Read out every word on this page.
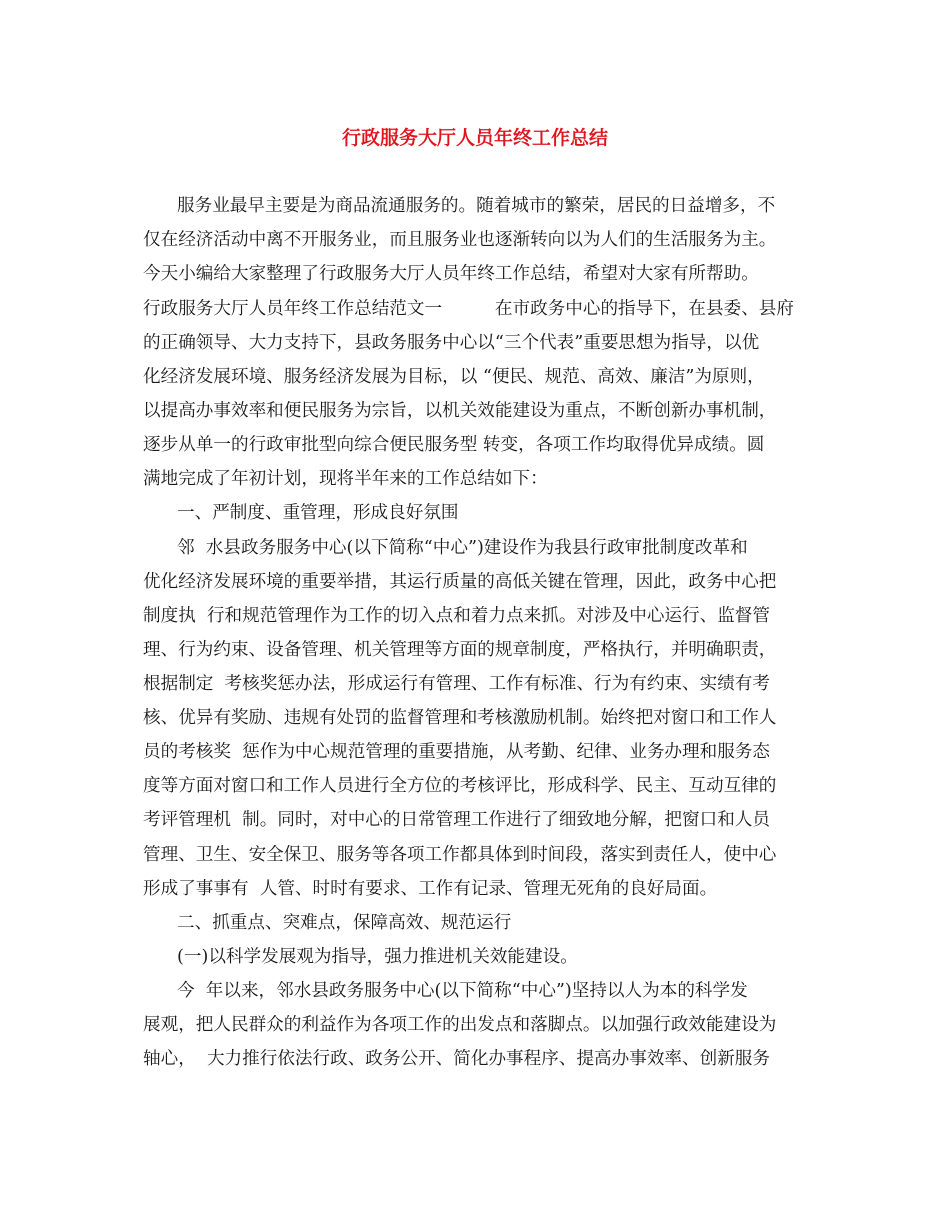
行政服务大厅人员年终工作总结
服务业最早主要是为商品流通服务的。随着城市的繁荣，居民的日益增多，不
仅在经济活动中离不开服务业，而且服务业也逐渐转向以为人们的生活服务为主。
今天小编给大家整理了行政服务大厅人员年终工作总结，希望对大家有所帮助。
行政服务大厅人员年终工作总结范文一　　　在市政务中心的指导下，在县委、县府
的正确领导、大力支持下，县政务服务中心以“三个代表”重要思想为指导，以优
化经济发展环境、服务经济发展为目标，以 “便民、规范、高效、廉洁”为原则，
以提高办事效率和便民服务为宗旨，以机关效能建设为重点，不断创新办事机制，
逐步从单一的行政审批型向综合便民服务型 转变，各项工作均取得优异成绩。圆
满地完成了年初计划，现将半年来的工作总结如下：
一、严制度、重管理，形成良好氛围
邻  水县政务服务中心(以下简称“中心”)建设作为我县行政审批制度改革和
优化经济发展环境的重要举措，其运行质量的高低关键在管理，因此，政务中心把
制度执  行和规范管理作为工作的切入点和着力点来抓。对涉及中心运行、监督管
理、行为约束、设备管理、机关管理等方面的规章制度，严格执行，并明确职责，
根据制定  考核奖惩办法，形成运行有管理、工作有标准、行为有约束、实绩有考
核、优异有奖励、违规有处罚的监督管理和考核激励机制。始终把对窗口和工作人
员的考核奖  惩作为中心规范管理的重要措施，从考勤、纪律、业务办理和服务态
度等方面对窗口和工作人员进行全方位的考核评比，形成科学、民主、互动互律的
考评管理机  制。同时，对中心的日常管理工作进行了细致地分解，把窗口和人员
管理、卫生、安全保卫、服务等各项工作都具体到时间段，落实到责任人，使中心
形成了事事有  人管、时时有要求、工作有记录、管理无死角的良好局面。
二、抓重点、突难点，保障高效、规范运行
(一)以科学发展观为指导，强力推进机关效能建设。
今  年以来，邻水县政务服务中心(以下简称“中心”)坚持以人为本的科学发
展观，把人民群众的利益作为各项工作的出发点和落脚点。以加强行政效能建设为
轴心，  大力推行依法行政、政务公开、简化办事程序、提高办事效率、创新服务
